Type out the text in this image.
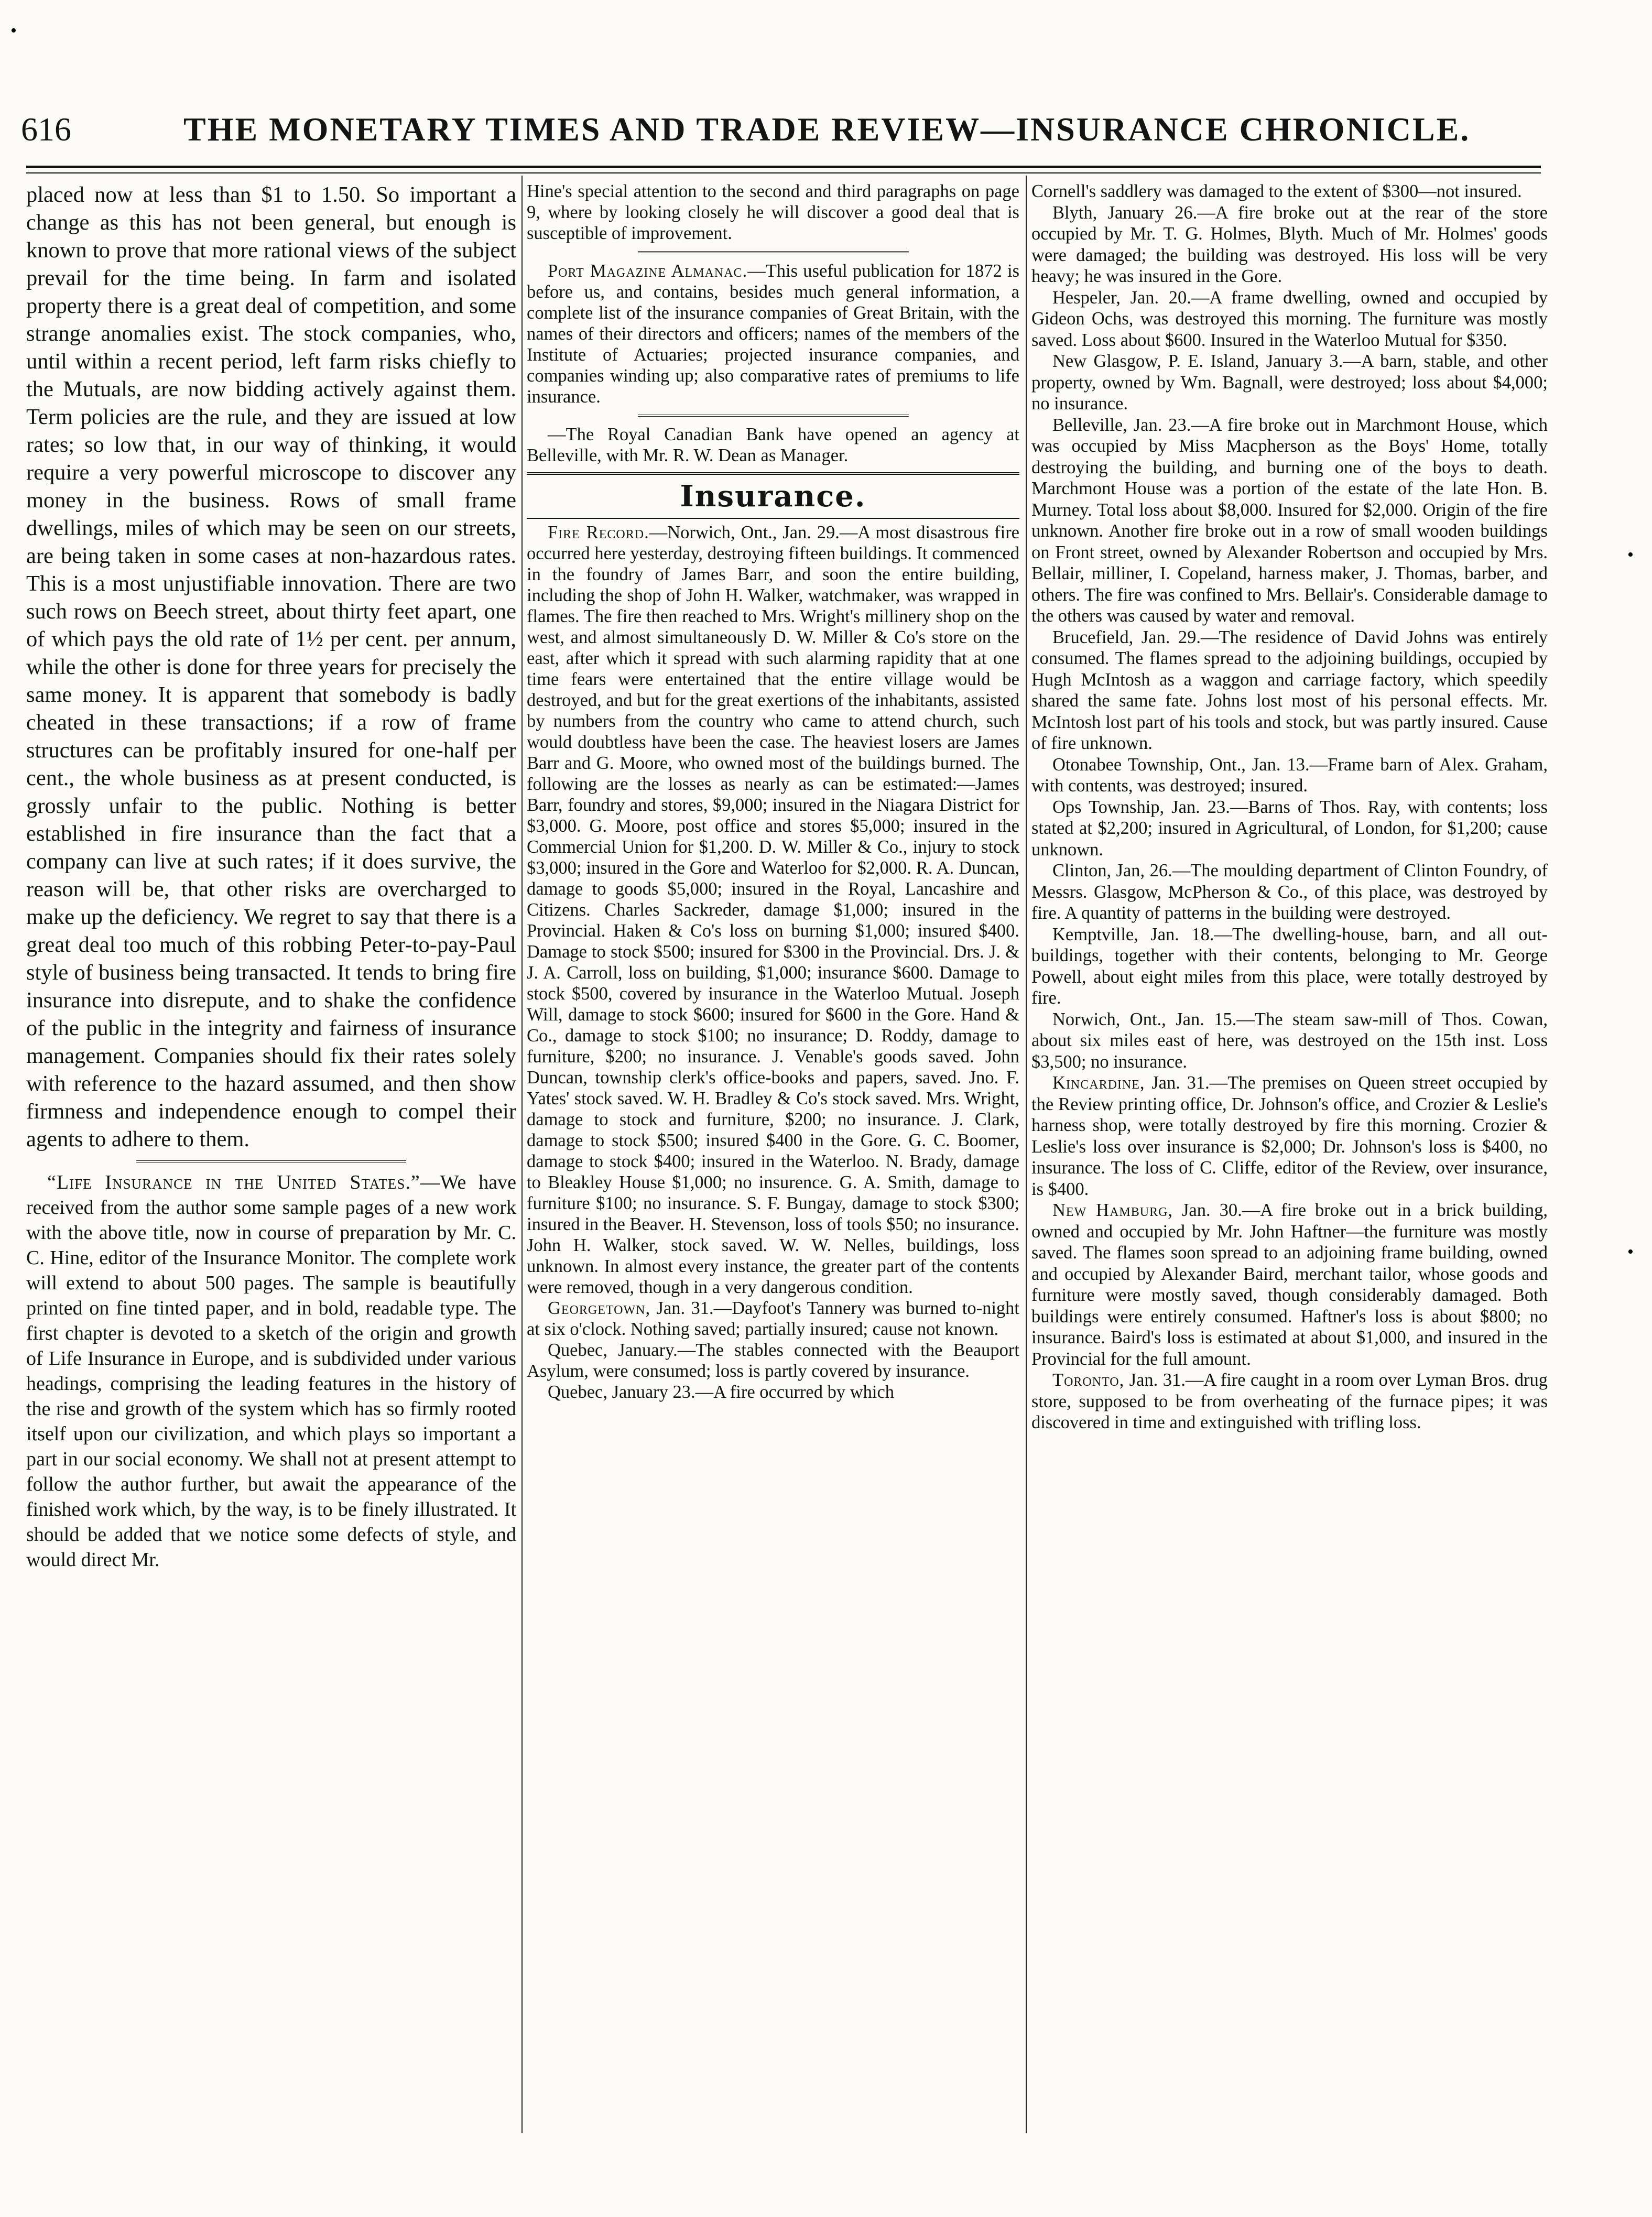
616	THE MONETARY TIMES AND TRADE REVIEW—INSURANCE CHRONICLE.

placed now at less than $1 to 1.50. So important a change as this has not been general, but enough is known to prove that more rational views of the subject prevail for the time being. In farm and isolated property there is a great deal of competition, and some strange anomalies exist. The stock companies, who, until within a recent period, left farm risks chiefly to the Mutuals, are now bidding actively against them. Term policies are the rule, and they are issued at low rates; so low that, in our way of thinking, it would require a very powerful microscope to discover any money in the business. Rows of small frame dwellings, miles of which may be seen on our streets, are being taken in some cases at non-hazardous rates. This is a most unjustifiable innovation. There are two such rows on Beech street, about thirty feet apart, one of which pays the old rate of 1½ per cent. per annum, while the other is done for three years for precisely the same money. It is apparent that somebody is badly cheated in these transactions; if a row of frame structures can be profitably insured for one-half per cent., the whole business as at present conducted, is grossly unfair to the public. Nothing is better established in fire insurance than the fact that a company can live at such rates; if it does survive, the reason will be, that other risks are overcharged to make up the deficiency. We regret to say that there is a great deal too much of this robbing Peter-to-pay-Paul style of business being transacted. It tends to bring fire insurance into disrepute, and to shake the confidence of the public in the integrity and fairness of insurance management. Companies should fix their rates solely with reference to the hazard assumed, and then show firmness and independence enough to compel their agents to adhere to them.

“Life Insurance in the United States.”—We have received from the author some sample pages of a new work with the above title, now in course of preparation by Mr. C. C. Hine, editor of the Insurance Monitor. The complete work will extend to about 500 pages. The sample is beautifully printed on fine tinted paper, and in bold, readable type. The first chapter is devoted to a sketch of the origin and growth of Life Insurance in Europe, and is subdivided under various headings, comprising the leading features in the history of the rise and growth of the system which has so firmly rooted itself upon our civilization, and which plays so important a part in our social economy. We shall not at present attempt to follow the author further, but await the appearance of the finished work which, by the way, is to be finely illustrated. It should be added that we notice some defects of style, and would direct Mr.

Hine's special attention to the second and third paragraphs on page 9, where by looking closely he will discover a good deal that is susceptible of improvement.

Port Magazine Almanac.—This useful publication for 1872 is before us, and contains, besides much general information, a complete list of the insurance companies of Great Britain, with the names of their directors and officers; names of the members of the Institute of Actuaries; projected insurance companies, and companies winding up; also comparative rates of premiums to life insurance.

—The Royal Canadian Bank have opened an agency at Belleville, with Mr. R. W. Dean as Manager.

Insurance.

Fire Record.—Norwich, Ont., Jan. 29.—A most disastrous fire occurred here yesterday, destroying fifteen buildings. It commenced in the foundry of James Barr, and soon the entire building, including the shop of John H. Walker, watchmaker, was wrapped in flames. The fire then reached to Mrs. Wright's millinery shop on the west, and almost simultaneously D. W. Miller & Co's store on the east, after which it spread with such alarming rapidity that at one time fears were entertained that the entire village would be destroyed, and but for the great exertions of the inhabitants, assisted by numbers from the country who came to attend church, such would doubtless have been the case. The heaviest losers are James Barr and G. Moore, who owned most of the buildings burned. The following are the losses as nearly as can be estimated:—James Barr, foundry and stores, $9,000; insured in the Niagara District for $3,000. G. Moore, post office and stores $5,000; insured in the Commercial Union for $1,200. D. W. Miller & Co., injury to stock $3,000; insured in the Gore and Waterloo for $2,000. R. A. Duncan, damage to goods $5,000; insured in the Royal, Lancashire and Citizens. Charles Sackreder, damage $1,000; insured in the Provincial. Haken & Co's loss on burning $1,000; insured $400. Damage to stock $500; insured for $300 in the Provincial. Drs. J. & J. A. Carroll, loss on building, $1,000; insurance $600. Damage to stock $500, covered by insurance in the Waterloo Mutual. Joseph Will, damage to stock $600; insured for $600 in the Gore. Hand & Co., damage to stock $100; no insurance; D. Roddy, damage to furniture, $200; no insurance. J. Venable's goods saved. John Duncan, township clerk's office-books and papers, saved. Jno. F. Yates' stock saved. W. H. Bradley & Co's stock saved. Mrs. Wright, damage to stock and furniture, $200; no insurance. J. Clark, damage to stock $500; insured $400 in the Gore. G. C. Boomer, damage to stock $400; insured in the Waterloo. N. Brady, damage to Bleakley House $1,000; no insurence. G. A. Smith, damage to furniture $100; no insurance. S. F. Bungay, damage to stock $300; insured in the Beaver. H. Stevenson, loss of tools $50; no insurance. John H. Walker, stock saved. W. W. Nelles, buildings, loss unknown. In almost every instance, the greater part of the contents were removed, though in a very dangerous condition.

Georgetown, Jan. 31.—Dayfoot's Tannery was burned to-night at six o'clock. Nothing saved; partially insured; cause not known.

Quebec, January.—The stables connected with the Beauport Asylum, were consumed; loss is partly covered by insurance.

Quebec, January 23.—A fire occurred by which

Cornell's saddlery was damaged to the extent of $300—not insured.

Blyth, January 26.—A fire broke out at the rear of the store occupied by Mr. T. G. Holmes, Blyth. Much of Mr. Holmes' goods were damaged; the building was destroyed. His loss will be very heavy; he was insured in the Gore.

Hespeler, Jan. 20.—A frame dwelling, owned and occupied by Gideon Ochs, was destroyed this morning. The furniture was mostly saved. Loss about $600. Insured in the Waterloo Mutual for $350.

New Glasgow, P. E. Island, January 3.—A barn, stable, and other property, owned by Wm. Bagnall, were destroyed; loss about $4,000; no insurance.

Belleville, Jan. 23.—A fire broke out in Marchmont House, which was occupied by Miss Macpherson as the Boys' Home, totally destroying the building, and burning one of the boys to death. Marchmont House was a portion of the estate of the late Hon. B. Murney. Total loss about $8,000. Insured for $2,000. Origin of the fire unknown. Another fire broke out in a row of small wooden buildings on Front street, owned by Alexander Robertson and occupied by Mrs. Bellair, milliner, I. Copeland, harness maker, J. Thomas, barber, and others. The fire was confined to Mrs. Bellair's. Considerable damage to the others was caused by water and removal.

Brucefield, Jan. 29.—The residence of David Johns was entirely consumed. The flames spread to the adjoining buildings, occupied by Hugh McIntosh as a waggon and carriage factory, which speedily shared the same fate. Johns lost most of his personal effects. Mr. McIntosh lost part of his tools and stock, but was partly insured. Cause of fire unknown.

Otonabee Township, Ont., Jan. 13.—Frame barn of Alex. Graham, with contents, was destroyed; insured.

Ops Township, Jan. 23.—Barns of Thos. Ray, with contents; loss stated at $2,200; insured in Agricultural, of London, for $1,200; cause unknown.

Clinton, Jan, 26.—The moulding department of Clinton Foundry, of Messrs. Glasgow, McPherson & Co., of this place, was destroyed by fire. A quantity of patterns in the building were destroyed.

Kemptville, Jan. 18.—The dwelling-house, barn, and all out-buildings, together with their contents, belonging to Mr. George Powell, about eight miles from this place, were totally destroyed by fire.

Norwich, Ont., Jan. 15.—The steam saw-mill of Thos. Cowan, about six miles east of here, was destroyed on the 15th inst. Loss $3,500; no insurance.

Kincardine, Jan. 31.—The premises on Queen street occupied by the Review printing office, Dr. Johnson's office, and Crozier & Leslie's harness shop, were totally destroyed by fire this morning. Crozier & Leslie's loss over insurance is $2,000; Dr. Johnson's loss is $400, no insurance. The loss of C. Cliffe, editor of the Review, over insurance, is $400.

New Hamburg, Jan. 30.—A fire broke out in a brick building, owned and occupied by Mr. John Haftner—the furniture was mostly saved. The flames soon spread to an adjoining frame building, owned and occupied by Alexander Baird, merchant tailor, whose goods and furniture were mostly saved, though considerably damaged. Both buildings were entirely consumed. Haftner's loss is about $800; no insurance. Baird's loss is estimated at about $1,000, and insured in the Provincial for the full amount.

Toronto, Jan. 31.—A fire caught in a room over Lyman Bros. drug store, supposed to be from overheating of the furnace pipes; it was discovered in time and extinguished with trifling loss.

•
•
•
